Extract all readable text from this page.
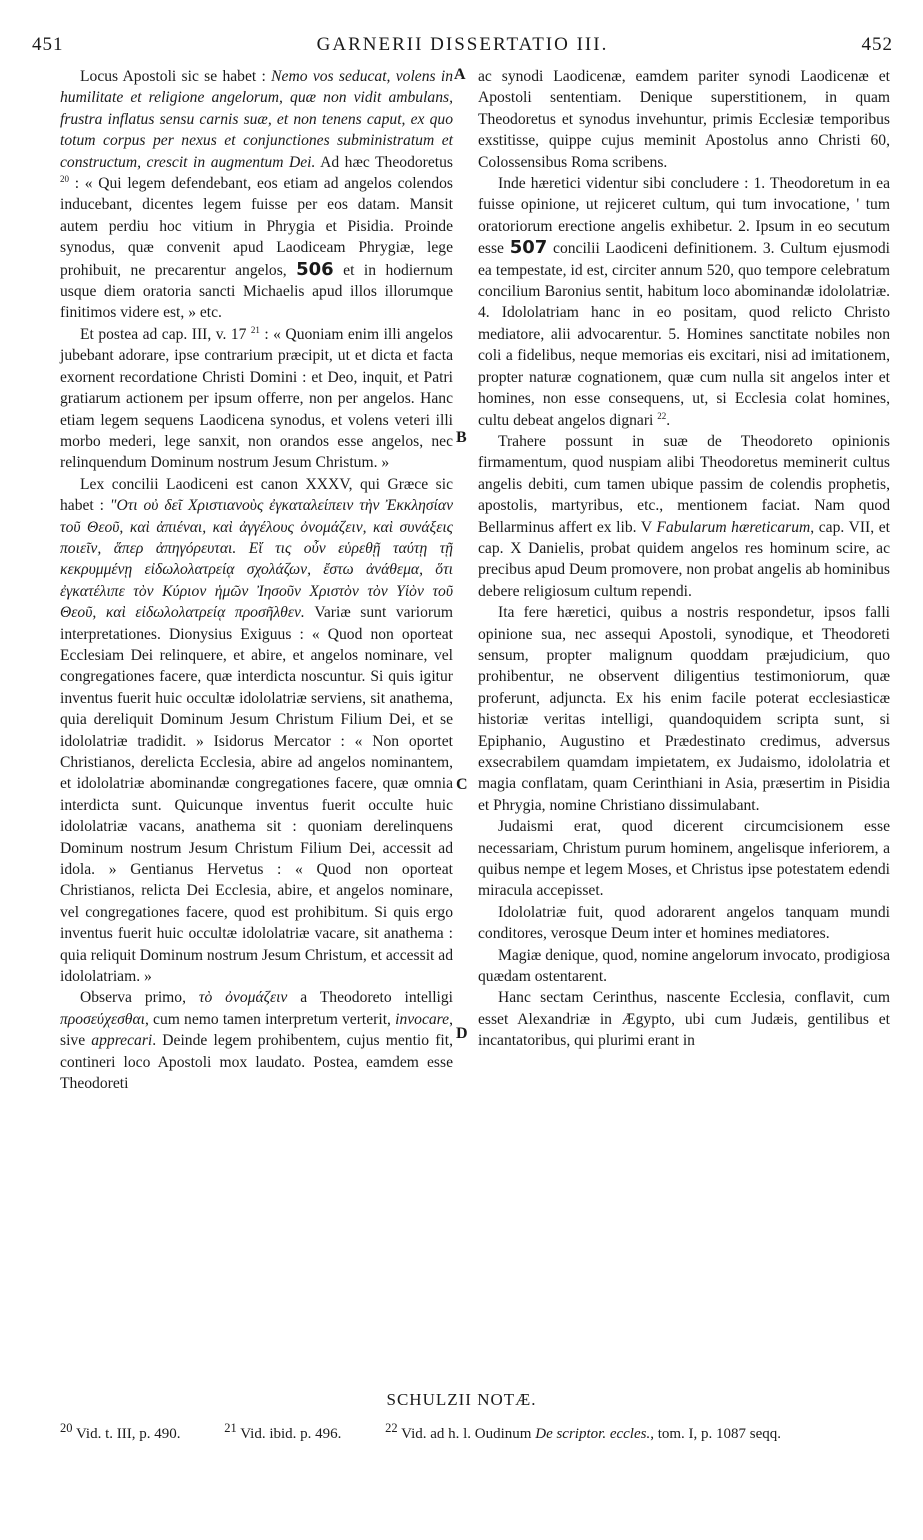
451	GARNERII DISSERTATIO III.	452
A
B
C
D

Locus Apostoli sic se habet : Nemo vos seducat, volens in humilitate et religione angelorum, quæ non vidit ambulans, frustra inflatus sensu carnis suæ, et non tenens caput, ex quo totum corpus per nexus et conjunctiones subministratum et constructum, crescit in augmentum Dei. Ad hæc Theodoretus $^{20}$ : « Qui legem defendebant, eos etiam ad angelos colendos inducebant, dicentes legem fuisse per eos datam. Mansit autem perdiu hoc vitium in Phrygia et Pisidia. Proinde synodus, quæ convenit apud Laodiceam Phrygiæ, lege prohibuit, ne precarentur angelos, 506 et in hodiernum usque diem oratoria sancti Michaelis apud illos illorumque finitimos videre est, » etc.

Et postea ad cap. III, v. 17 $^{21}$ : « Quoniam enim illi angelos jubebant adorare, ipse contrarium præcipit, ut et dicta et facta exornent recordatione Christi Domini : et Deo, inquit, et Patri gratiarum actionem per ipsum offerre, non per angelos. Hanc etiam legem sequens Laodicena synodus, et volens veteri illi morbo mederi, lege sanxit, non orandos esse angelos, nec relinquendum Dominum nostrum Jesum Christum. »

Lex concilii Laodiceni est canon XXXV, qui Græce sic habet : "Οτι οὐ δεῖ Χριστιανοὺς ἐγκαταλείπειν τὴν Ἐκκλησίαν τοῦ Θεοῦ, καὶ ἀπιέναι, καὶ ἀγγέλους ὀνομάζειν, καὶ συνάξεις ποιεῖν, ἅπερ ἀπηγόρευται. Εἴ τις οὖν εὑρεθῇ ταύτῃ τῇ κεκρυμμένῃ εἰδωλολατρείᾳ σχολάζων, ἔστω ἀνάθεμα, ὅτι ἐγκατέλιπε τὸν Κύριον ἡμῶν Ἰησοῦν Χριστὸν τὸν Υἱὸν τοῦ Θεοῦ, καὶ εἰδωλολατρείᾳ προσῆλθεν. Variæ sunt variorum interpretationes. Dionysius Exiguus : « Quod non oporteat Ecclesiam Dei relinquere, et abire, et angelos nominare, vel congregationes facere, quæ interdicta noscuntur. Si quis igitur inventus fuerit huic occultæ idololatriæ serviens, sit anathema, quia dereliquit Dominum Jesum Christum Filium Dei, et se idololatriæ tradidit. » Isidorus Mercator : « Non oportet Christianos, derelicta Ecclesia, abire ad angelos nominantem, et idololatriæ abominandæ congregationes facere, quæ omnia interdicta sunt. Quicunque inventus fuerit occulte huic idololatriæ vacans, anathema sit : quoniam derelinquens Dominum nostrum Jesum Christum Filium Dei, accessit ad idola. » Gentianus Hervetus : « Quod non oporteat Christianos, relicta Dei Ecclesia, abire, et angelos nominare, vel congregationes facere, quod est prohibitum. Si quis ergo inventus fuerit huic occultæ idololatriæ vacare, sit anathema : quia reliquit Dominum nostrum Jesum Christum, et accessit ad idololatriam. »

Observa primo, τὸ ὀνομάζειν a Theodoreto intelligi προσεύχεσθαι, cum nemo tamen interpretum verterit, invocare, sive apprecari. Deinde legem prohibentem, cujus mentio fit, contineri loco Apostoli mox laudato. Postea, eamdem esse Theodoreti

ac synodi Laodicenæ, eamdem pariter synodi Laodicenæ et Apostoli sententiam. Denique superstitionem, in quam Theodoretus et synodus invehuntur, primis Ecclesiæ temporibus exstitisse, quippe cujus meminit Apostolus anno Christi 60, Colossensibus Roma scribens.

Inde hæretici videntur sibi concludere : 1. Theodoretum in ea fuisse opinione, ut rejiceret cultum, qui tum invocatione, ' tum oratoriorum erectione angelis exhibetur. 2. Ipsum in eo secutum esse 507 concilii Laodiceni definitionem. 3. Cultum ejusmodi ea tempestate, id est, circiter annum 520, quo tempore celebratum concilium Baronius sentit, habitum loco abominandæ idololatriæ. 4. Idololatriam hanc in eo positam, quod relicto Christo mediatore, alii advocarentur. 5. Homines sanctitate nobiles non coli a fidelibus, neque memorias eis excitari, nisi ad imitationem, propter naturæ cognationem, quæ cum nulla sit angelos inter et homines, non esse consequens, ut, si Ecclesia colat homines, cultu debeat angelos dignari $^{22}$.

Trahere possunt in suæ de Theodoreto opinionis firmamentum, quod nuspiam alibi Theodoretus meminerit cultus angelis debiti, cum tamen ubique passim de colendis prophetis, apostolis, martyribus, etc., mentionem faciat. Nam quod Bellarminus affert ex lib. V Fabularum hæreticarum, cap. VII, et cap. X Danielis, probat quidem angelos res hominum scire, ac precibus apud Deum promovere, non probat angelis ab hominibus debere religiosum cultum rependi.

Ita fere hæretici, quibus a nostris respondetur, ipsos falli opinione sua, nec assequi Apostoli, synodique, et Theodoreti sensum, propter malignum quoddam præjudicium, quo prohibentur, ne observent diligentius testimoniorum, quæ proferunt, adjuncta. Ex his enim facile poterat ecclesiasticæ historiæ veritas intelligi, quandoquidem scripta sunt, si Epiphanio, Augustino et Prædestinato credimus, adversus exsecrabilem quamdam impietatem, ex Judaismo, idololatria et magia conflatam, quam Cerinthiani in Asia, præsertim in Pisidia et Phrygia, nomine Christiano dissimulabant.

Judaismi erat, quod dicerent circumcisionem esse necessariam, Christum purum hominem, angelisque inferiorem, a quibus nempe et legem Moses, et Christus ipse potestatem edendi miracula accepisset.

Idololatriæ fuit, quod adorarent angelos tanquam mundi conditores, verosque Deum inter et homines mediatores.

Magiæ denique, quod, nomine angelorum invocato, prodigiosa quædam ostentarent.

Hanc sectam Cerinthus, nascente Ecclesia, conflavit, cum esset Alexandriæ in Ægypto, ubi cum Judæis, gentilibus et incantatoribus, qui plurimi erant in

SCHULZII NOTÆ.
$^{20}$ Vid. t. III, p. 490.	$^{21}$ Vid. ibid. p. 496.	$^{22}$ Vid. ad h. l. Oudinum De scriptor. eccles., tom. I, p. 1087 seqq.
